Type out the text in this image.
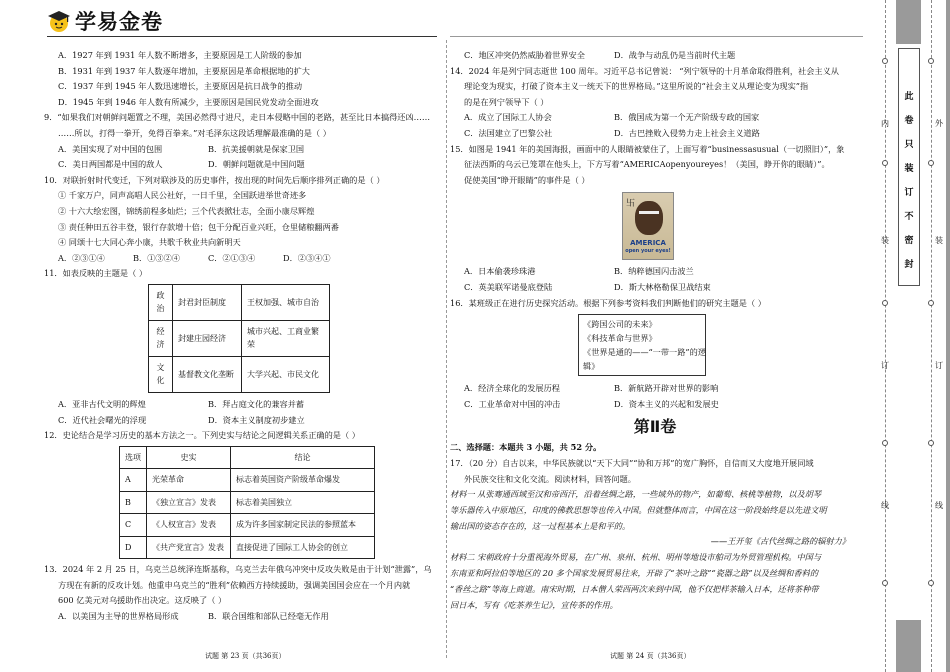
学易金卷
A．1927 年到 1931 年人数不断增多，主要原因是工人阶级的参加
B．1931 年到 1937 年人数逐年增加，主要原因是革命根据地的扩大
C．1937 年到 1945 年人数迅速增长，主要原因是抗日战争的推动
D．1945 年到 1946 年人数有所减少，主要原因是国民党发动全面进攻
9．“如果我们对朝鲜问题置之不理，美国必然得寸进尺，走日本侵略中国的老路，甚至比日本搞得还凶……
……所以，打得一拳开，免得百拳来。”对毛泽东这段话理解最准确的是（ ）
A．美国实现了对中国的包围	B．抗美援朝就是保家卫国
C．美日两国都是中国的敌人	D．朝鲜问题就是中国问题
10．对联折射时代变迁，下列对联涉及的历史事件，按出现的时间先后顺序排列正确的是（ ）
① 千家万户，同声高唱人民公社好，一日千里，全国跃进举世奇迹多
② 十六大绘宏图，锦绣前程多灿烂；三个代表掀壮志，全面小康尽辉煌
③ 责任种田五谷丰登，银行存款增十倍；包干分配百业兴旺，仓里储粮翻两番
④ 同颂十七大同心奔小康，共歌千秋业共向新明天
A．②③①④	B．①③②④	C．②①③④	D．②③④①
11．如表反映的主题是（ ）
政治	封君封臣制度	王权加强、城市自治
经济	封建庄园经济	城市兴起、工商业繁荣
文化	基督教文化垄断	大学兴起、市民文化
A．亚非古代文明的辉煌	B．拜占庭文化的兼容并蓄
C．近代社会曙光的浮现	D．资本主义制度初步建立
12．史论结合是学习历史的基本方法之一。下列史实与结论之间逻辑关系正确的是（ ）
选项	史实	结论
A	光荣革命	标志着英国资产阶级革命爆发
B	《独立宣言》发表	标志着美国独立
C	《人权宣言》发表	成为许多国家制定民法的参照蓝本
D	《共产党宣言》发表	直接促进了国际工人协会的创立
13．2024 年 2 月 25 日，乌克兰总统泽连斯基称，乌克兰去年俄乌冲突中反攻失败是由于计划“泄露”，乌
方现在有新的反攻计划。他重申乌克兰的“胜利”依赖西方持续援助，强调美国国会应在一个月内就
600 亿美元对乌援助作出决定。这反映了（ ）
A．以美国为主导的世界格局形成	B．联合国维和部队已经毫无作用
试题 第 23 页（共36页）
C．地区冲突仍然威胁着世界安全	D．战争与动乱仍是当前时代主题
14．2024 年是列宁同志逝世 100 周年。习近平总书记曾说： “列宁领导的十月革命取得胜利，社会主义从
理论变为现实，打破了资本主义一统天下的世界格局。”这里所说的“社会主义从理论变为现实”指
的是在列宁领导下（ ）
A．成立了国际工人协会	B．俄国成为第一个无产阶级专政的国家
C．法国建立了巴黎公社	D．古巴挫败入侵势力走上社会主义道路
15．如图是 1941 年的美国海报，画面中的人眼睛被蒙住了，上面写着“businessasusual（一切照旧）”，象
征法西斯的乌云已笼罩在他头上，下方写着“AMERICAopenyoureyes！（美国，睁开你的眼睛）”。
促使美国“睁开眼睛”的事件是（ ）
卐
AMERICA
open your eyes!
A．日本偷袭珍珠港	B．纳粹德国闪击波兰
C．英美联军诺曼底登陆	D．斯大林格勒保卫战结束
16．某班级正在进行历史探究活动。根据下列参考资料我们判断他们的研究主题是（ ）
《跨国公司的未来》
《科技革命与世界》
《世界是通的——“一带一路”的逻
辑》
A．经济全球化的发展历程	B．新航路开辟对世界的影响
C．工业革命对中国的冲击	D．资本主义的兴起和发展史
第Ⅱ卷
二、选择题：本题共 3 小题，共 52 分。
17．（20 分）自古以来，中华民族就以“天下大同”“协和万邦”的宽广胸怀，自信而又大度地开展同域
外民族交往和文化交流。阅读材料，回答问题。
材料一 从张骞通西域至汉和帝西汗，沿着丝绸之路，一些域外的物产，如葡萄、核桃等植物，以及胡琴
等乐器传入中原地区，印度的佛教思想等也传入中国。但就整体而言，中国在这一阶段始终是以先进文明
输出国的姿态存在的，这一过程基本上是和平的。
——王开玺《古代丝绸之路的辐射力》
材料二 宋朝政府十分重视海外贸易，在广州、泉州、杭州、明州等地设市舶司为外贸管理机构。中国与
东南亚和阿拉伯等地区的 20 多个国家发展贸易往来，开辟了“茶叶之路”“瓷器之路”以及丝绸和香料的
“香丝之路”等海上商道。南宋时期，日本僧人荣西两次来到中国，他不仅把样茶输入日本，还将茶种带
回日本，写有《吃茶养生记》，宣传茶的作用。
试题 第 24 页（共36页）
内
装
订
线
外
装
订
线
此
卷
只
装
订
不
密
封
